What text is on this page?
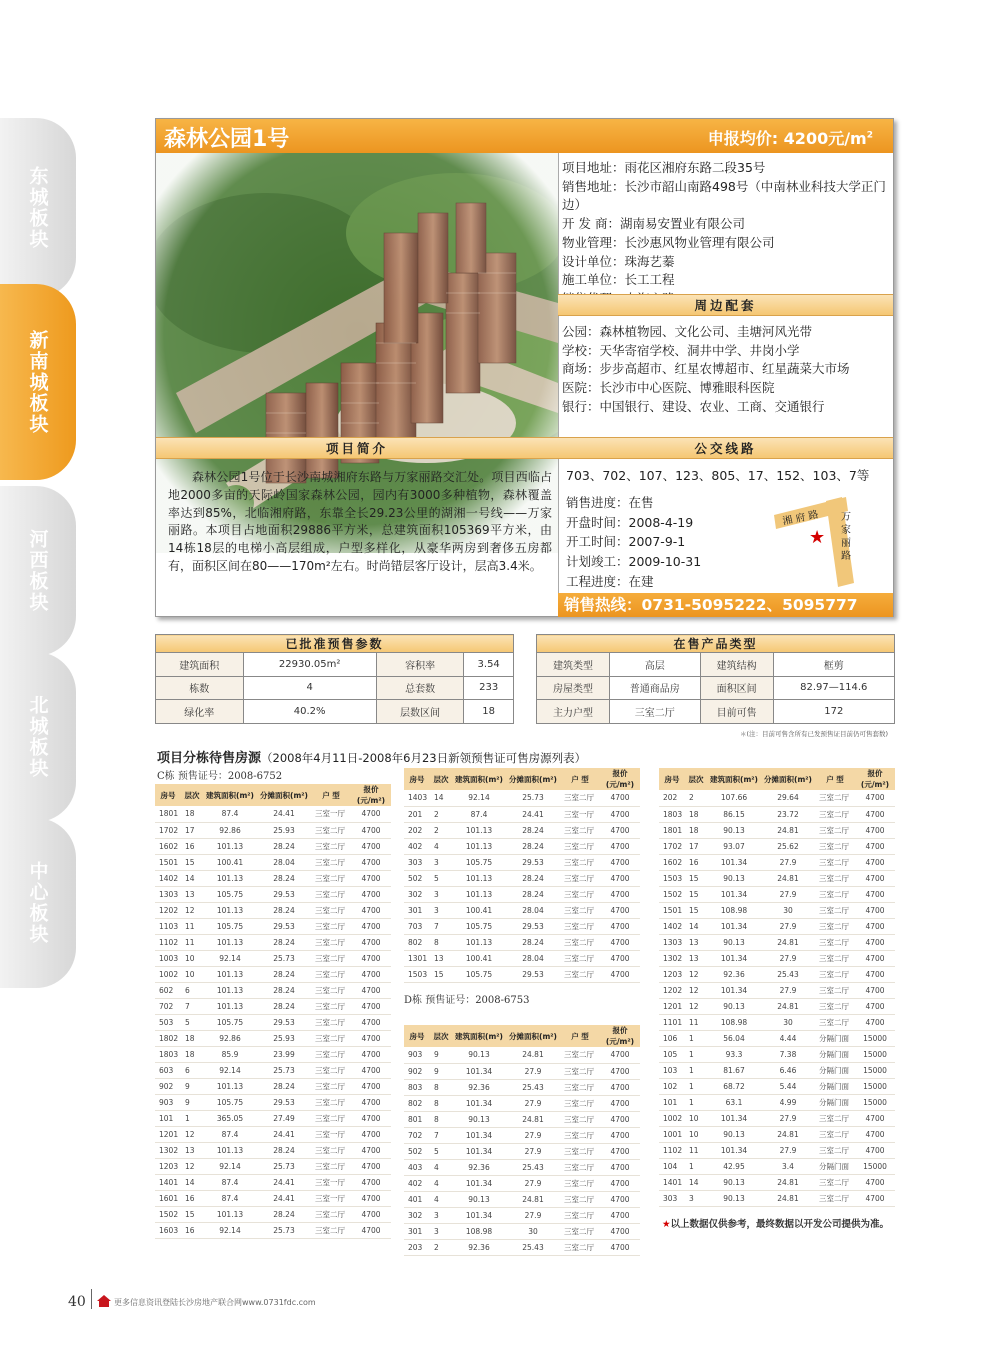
东城板块
新南城板块
河西板块
北城板块
中心板块
森林公园1号	申报均价: 4200元$/m^2$
项目地址：雨花区湘府东路二段35号
销售地址：长沙市韶山南路498号（中南林业科技大学正门边）
开 发 商：湖南易安置业有限公司
物业管理：长沙惠风物业管理有限公司
设计单位：珠海艺蓁
施工单位：长工工程
周边配套
公园：森林植物园、文化公司、圭塘河风光带
学校：天华寄宿学校、洞井中学、井岗小学
商场：步步高超市、红星农博超市、红星蔬菜大市场
医院：长沙市中心医院、博雅眼科医院
银行：中国银行、建设、农业、工商、交通银行
项目简介	公交线路
森林公园1号位于长沙南城湘府东路与万家丽路交汇处。项目西临占地2000多亩的天际岭国家森林公园，园内有3000多种植物，森林覆盖率达到85%，北临湘府路，东靠全长29.23公里的湖湘一号线——万家丽路。本项目占地面积29886平方米，总建筑面积105369平方米，由14栋18层的电梯小高层组成，户型多样化，从豪华两房到奢侈五房都有，面积区间在80——170m²左右。时尚错层客厅设计，层高3.4米。
703、702、107、123、805、17、152、103、7等
销售进度：在售
开盘时间：2008-4-19
开工时间：2007-9-1
计划竣工：2009-10-31
工程进度：在建
湘 府 路 万家丽路
★
销售热线：0731-5095222、5095777
已批准预售参数			
建筑面积	22930.05m²	容积率	3.54
栋数	4	总套数	233
绿化率	40.2%	层数区间	18
在售产品类型			
建筑类型	高层	建筑结构	框剪
房屋类型	普通商品房	面积区间	82.97—114.6
主力户型	三室二厅	目前可售	172
＊(注：目前可售含所有已发预售证目前仍可售套数)
项目分栋待售房源（2008年4月11日-2008年6月23日新领预售证可售房源列表）
C栋 预售证号：2008-6752
D栋 预售证号：2008-6753
房号	层次	建筑面积(m²)	分摊面积(m²)	户 型	报价(元/m²)
1801	18	87.4	24.41	三室一厅	4700
1702	17	92.86	25.93	三室二厅	4700
1602	16	101.13	28.24	三室二厅	4700
1501	15	100.41	28.04	三室二厅	4700
1402	14	101.13	28.24	三室二厅	4700
1303	13	105.75	29.53	三室二厅	4700
1202	12	101.13	28.24	三室二厅	4700
1103	11	105.75	29.53	三室二厅	4700
1102	11	101.13	28.24	三室二厅	4700
1003	10	92.14	25.73	三室二厅	4700
1002	10	101.13	28.24	三室二厅	4700
602	6	101.13	28.24	三室二厅	4700
702	7	101.13	28.24	三室二厅	4700
503	5	105.75	29.53	三室二厅	4700
1802	18	92.86	25.93	三室二厅	4700
1803	18	85.9	23.99	三室二厅	4700
603	6	92.14	25.73	三室二厅	4700
902	9	101.13	28.24	三室二厅	4700
903	9	105.75	29.53	三室二厅	4700
101	1	365.05	27.49	三室二厅	4700
1201	12	87.4	24.41	三室一厅	4700
1302	13	101.13	28.24	三室二厅	4700
1203	12	92.14	25.73	三室二厅	4700
1401	14	87.4	24.41	三室一厅	4700
1601	16	87.4	24.41	三室一厅	4700
1502	15	101.13	28.24	三室二厅	4700
1603	16	92.14	25.73	三室二厅	4700
房号	层次	建筑面积(m²)	分摊面积(m²)	户 型	报价(元/m²)
1403	14	92.14	25.73	三室二厅	4700
201	2	87.4	24.41	三室一厅	4700
202	2	101.13	28.24	三室二厅	4700
402	4	101.13	28.24	三室二厅	4700
303	3	105.75	29.53	三室二厅	4700
502	5	101.13	28.24	三室二厅	4700
302	3	101.13	28.24	三室二厅	4700
301	3	100.41	28.04	三室二厅	4700
703	7	105.75	29.53	三室二厅	4700
802	8	101.13	28.24	三室二厅	4700
1301	13	100.41	28.04	三室二厅	4700
1503	15	105.75	29.53	三室二厅	4700
房号	层次	建筑面积(m²)	分摊面积(m²)	户 型	报价(元/m²)
903	9	90.13	24.81	三室二厅	4700
902	9	101.34	27.9	三室二厅	4700
803	8	92.36	25.43	三室二厅	4700
802	8	101.34	27.9	三室二厅	4700
801	8	90.13	24.81	三室二厅	4700
702	7	101.34	27.9	三室二厅	4700
502	5	101.34	27.9	三室二厅	4700
403	4	92.36	25.43	三室二厅	4700
402	4	101.34	27.9	三室二厅	4700
401	4	90.13	24.81	三室二厅	4700
302	3	101.34	27.9	三室二厅	4700
301	3	108.98	30	三室二厅	4700
203	2	92.36	25.43	三室二厅	4700
房号	层次	建筑面积(m²)	分摊面积(m²)	户 型	报价(元/m²)
202	2	107.66	29.64	三室二厅	4700
1803	18	86.15	23.72	三室二厅	4700
1801	18	90.13	24.81	三室二厅	4700
1702	17	93.07	25.62	三室二厅	4700
1602	16	101.34	27.9	三室二厅	4700
1503	15	90.13	24.81	三室二厅	4700
1502	15	101.34	27.9	三室二厅	4700
1501	15	108.98	30	三室二厅	4700
1402	14	101.34	27.9	三室二厅	4700
1303	13	90.13	24.81	三室二厅	4700
1302	13	101.34	27.9	三室二厅	4700
1203	12	92.36	25.43	三室二厅	4700
1202	12	101.34	27.9	三室二厅	4700
1201	12	90.13	24.81	三室二厅	4700
1101	11	108.98	30	三室二厅	4700
106	1	56.04	4.44	分隔门面	15000
105	1	93.3	7.38	分隔门面	15000
103	1	81.67	6.46	分隔门面	15000
102	1	68.72	5.44	分隔门面	15000
101	1	63.1	4.99	分隔门面	15000
1002	10	101.34	27.9	三室二厅	4700
1001	10	90.13	24.81	三室二厅	4700
1102	11	101.34	27.9	三室二厅	4700
104	1	42.95	3.4	分隔门面	15000
1401	14	90.13	24.81	三室二厅	4700
303	3	90.13	24.81	三室二厅	4700
★以上数据仅供参考，最终数据以开发公司提供为准。
40	更多信息资讯登陆长沙房地产联合网www.0731fdc.com
